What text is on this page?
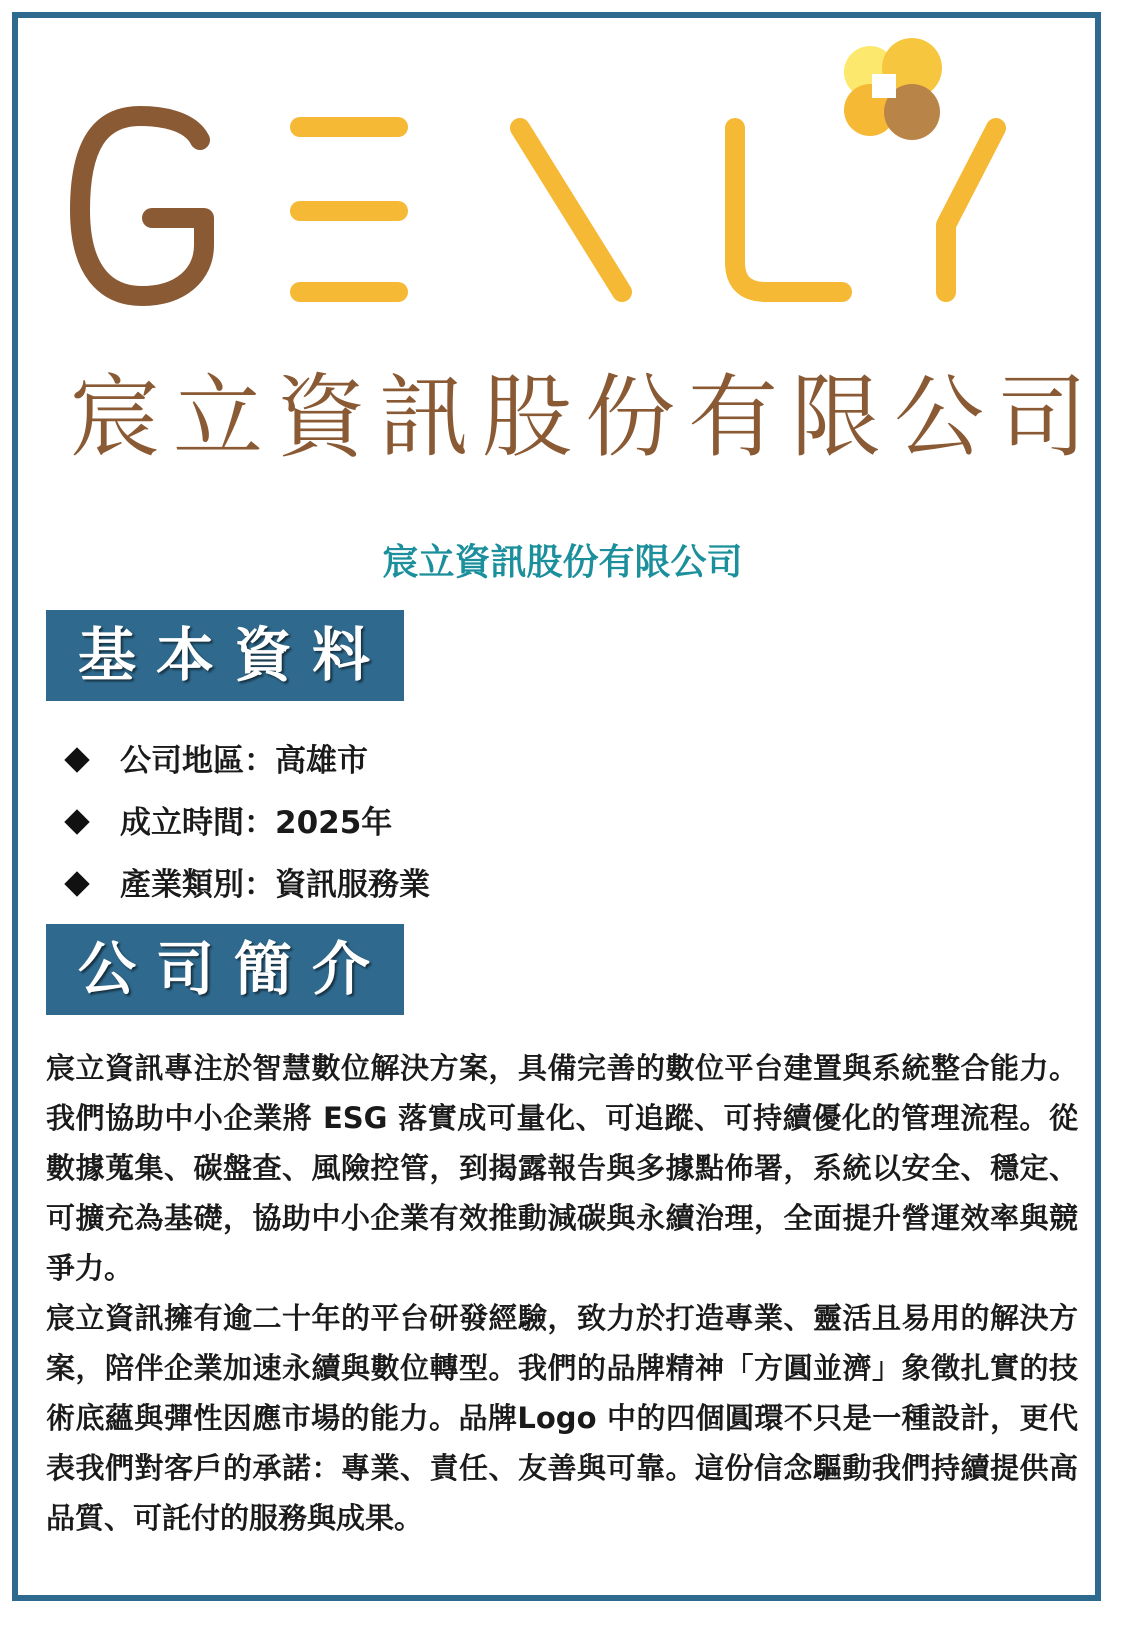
宸立資訊股份有限公司
宸立資訊股份有限公司
基本資料
公司地區：高雄市
成立時間：2025年
產業類別：資訊服務業
公司簡介

宸立資訊專注於智慧數位解決方案，具備完善的數位平台建置與系統整合能力。我們協助中小企業將 ESG 落實成可量化、可追蹤、可持續優化的管理流程。從數據蒐集、碳盤查、風險控管，到揭露報告與多據點佈署，系統以安全、穩定、可擴充為基礎，協助中小企業有效推動減碳與永續治理，全面提升營運效率與競爭力。

宸立資訊擁有逾二十年的平台研發經驗，致力於打造專業、靈活且易用的解決方案，陪伴企業加速永續與數位轉型。我們的品牌精神「方圓並濟」象徵扎實的技術底蘊與彈性因應市場的能力。品牌Logo 中的四個圓環不只是一種設計，更代表我們對客戶的承諾：專業、責任、友善與可靠。這份信念驅動我們持續提供高品質、可託付的服務與成果。
